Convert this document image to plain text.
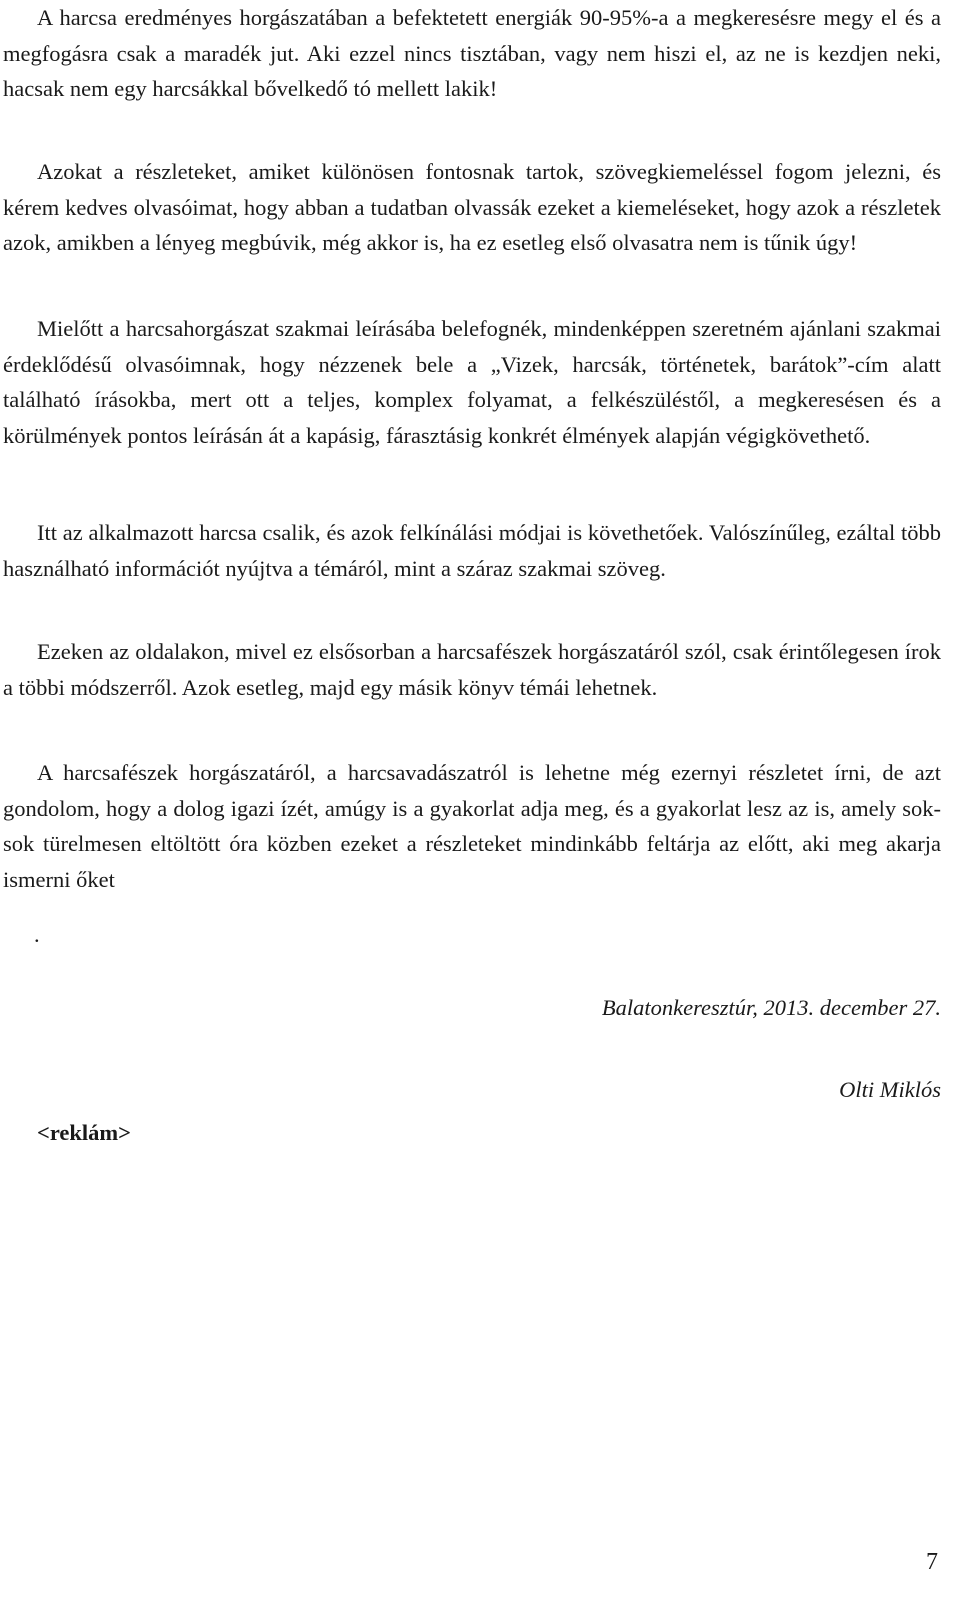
A harcsa eredményes horgászatában a befektetett energiák 90-95%-a a megkeresésre megy el és a megfogásra csak a maradék jut. Aki ezzel nincs tisztában, vagy nem hiszi el, az ne is kezdjen neki, hacsak nem egy harcsákkal bővelkedő tó mellett lakik!

Azokat a részleteket, amiket különösen fontosnak tartok, szövegkiemeléssel fogom jelezni, és kérem kedves olvasóimat, hogy abban a tudatban olvassák ezeket a kiemeléseket, hogy azok a részletek azok, amikben a lényeg megbúvik, még akkor is, ha ez esetleg első olvasatra nem is tűnik úgy!

Mielőtt a harcsahorgászat szakmai leírásába belefognék, mindenképpen szeretném ajánlani szakmai érdeklődésű olvasóimnak, hogy nézzenek bele a „Vizek, harcsák, történetek, barátok”-cím alatt található írásokba, mert ott a teljes, komplex folyamat, a felkészüléstől, a megkeresésen és a körülmények pontos leírásán át a kapásig, fárasztásig konkrét élmények alapján végigkövethető.

Itt az alkalmazott harcsa csalik, és azok felkínálási módjai is követhetőek. Valószínűleg, ezáltal több használható információt nyújtva a témáról, mint a száraz szakmai szöveg.

Ezeken az oldalakon, mivel ez elsősorban a harcsafészek horgászatáról szól, csak érintőlegesen írok a többi módszerről. Azok esetleg, majd egy másik könyv témái lehetnek.

A harcsafészek horgászatáról, a harcsavadászatról is lehetne még ezernyi részletet írni, de azt gondolom, hogy a dolog igazi ízét, amúgy is a gyakorlat adja meg, és a gyakorlat lesz az is, amely sok-sok türelmesen eltöltött óra közben ezeket a részleteket mindinkább feltárja az előtt, aki meg akarja ismerni őket

.
Balatonkeresztúr, 2013. december 27.
Olti Miklós
<reklám>
7
